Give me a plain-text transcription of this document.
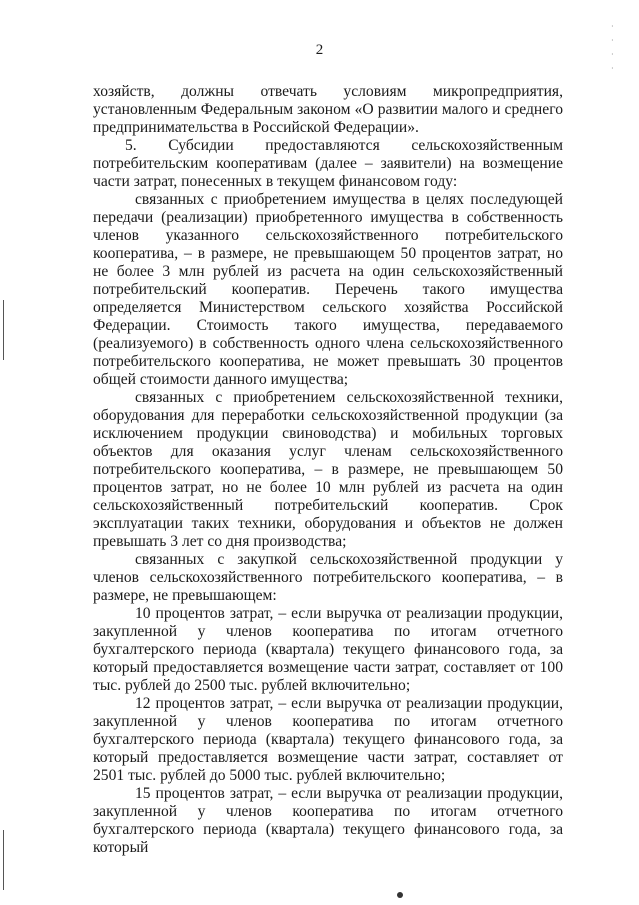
2

хозяйств, должны отвечать условиям микропредприятия, установленным Федеральным законом «О развитии малого и среднего предпринимательства в Российской Федерации».

5. Субсидии предоставляются сельскохозяйственным потребительским кооперативам (далее – заявители) на возмещение части затрат, понесенных в текущем финансовом году:

связанных с приобретением имущества в целях последующей передачи (реализации) приобретенного имущества в собственность членов указанного сельскохозяйственного потребительского кооператива, – в размере, не превышающем 50 процентов затрат, но не более 3 млн рублей из расчета на один сельскохозяйственный потребительский кооператив. Перечень такого имущества определяется Министерством сельского хозяйства Российской Федерации. Стоимость такого имущества, передаваемого (реализуемого) в собственность одного члена сельскохозяйственного потребительского кооператива, не может превышать 30 процентов общей стоимости данного имущества;

связанных с приобретением сельскохозяйственной техники, оборудования для переработки сельскохозяйственной продукции (за исключением продукции свиноводства) и мобильных торговых объектов для оказания услуг членам сельскохозяйственного потребительского кооператива, – в размере, не превышающем 50 процентов затрат, но не более 10 млн рублей из расчета на один сельскохозяйственный потребительский кооператив. Срок эксплуатации таких техники, оборудования и объектов не должен превышать 3 лет со дня производства;

связанных с закупкой сельскохозяйственной продукции у членов сельскохозяйственного потребительского кооператива, – в размере, не превышающем:

10 процентов затрат, – если выручка от реализации продукции, закупленной у членов кооператива по итогам отчетного бухгалтерского периода (квартала) текущего финансового года, за который предоставляется возмещение части затрат, составляет от 100 тыс. рублей до 2500 тыс. рублей включительно;

12 процентов затрат, – если выручка от реализации продукции, закупленной у членов кооператива по итогам отчетного бухгалтерского периода (квартала) текущего финансового года, за который предоставляется возмещение части затрат, составляет от 2501 тыс. рублей до 5000 тыс. рублей включительно;

15 процентов затрат, – если выручка от реализации продукции, закупленной у членов кооператива по итогам отчетного бухгалтерского периода (квартала) текущего финансового года, за который

·
·
·
·
